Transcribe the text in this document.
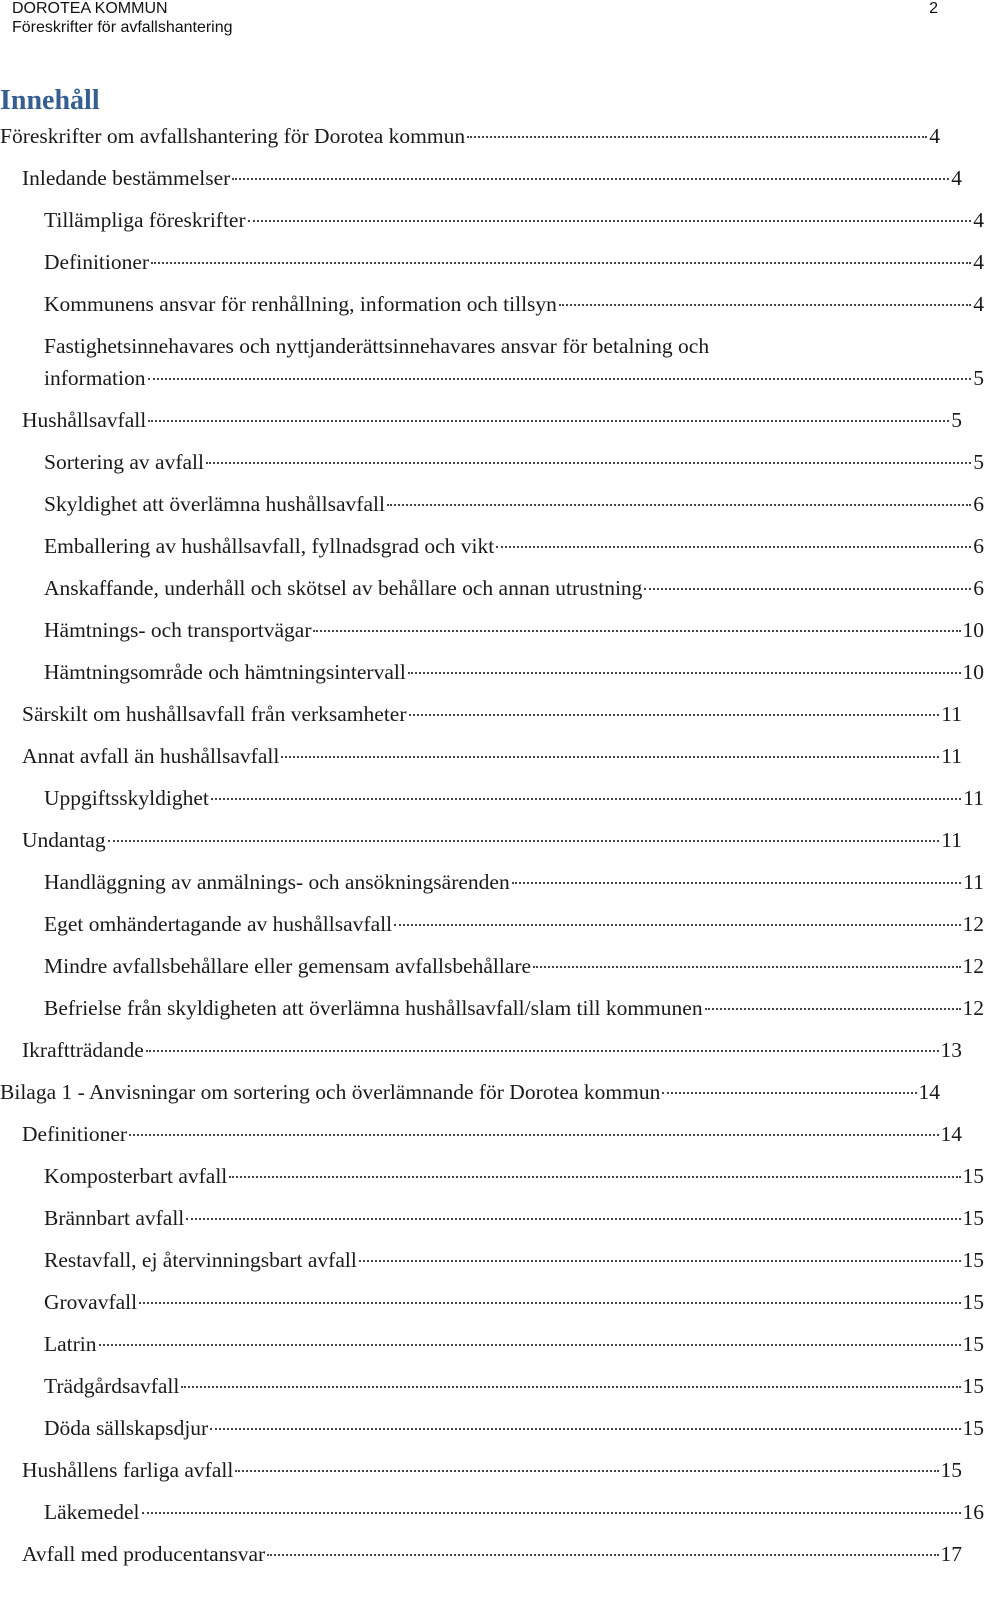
DOROTEA KOMMUN
Föreskrifter för avfallshantering
2
Innehåll
Föreskrifter om avfallshantering för Dorotea kommun	4
Inledande bestämmelser	4
Tillämpliga föreskrifter	4
Definitioner	4
Kommunens ansvar för renhållning, information och tillsyn	4
Fastighetsinnehavares och nyttjanderättsinnehavares ansvar för betalning och
information	5
Hushållsavfall	5
Sortering av avfall	5
Skyldighet att överlämna hushållsavfall	6
Emballering av hushållsavfall, fyllnadsgrad och vikt	6
Anskaffande, underhåll och skötsel av behållare och annan utrustning	6
Hämtnings- och transportvägar	10
Hämtningsområde och hämtningsintervall	10
Särskilt om hushållsavfall från verksamheter	11
Annat avfall än hushållsavfall	11
Uppgiftsskyldighet	11
Undantag	11
Handläggning av anmälnings- och ansökningsärenden	11
Eget omhändertagande av hushållsavfall	12
Mindre avfallsbehållare eller gemensam avfallsbehållare	12
Befrielse från skyldigheten att överlämna hushållsavfall/slam till kommunen	12
Ikraftträdande	13
Bilaga 1 - Anvisningar om sortering och överlämnande för Dorotea kommun	14
Definitioner	14
Komposterbart avfall	15
Brännbart avfall	15
Restavfall, ej återvinningsbart avfall	15
Grovavfall	15
Latrin	15
Trädgårdsavfall	15
Döda sällskapsdjur	15
Hushållens farliga avfall	15
Läkemedel	16
Avfall med producentansvar	17
